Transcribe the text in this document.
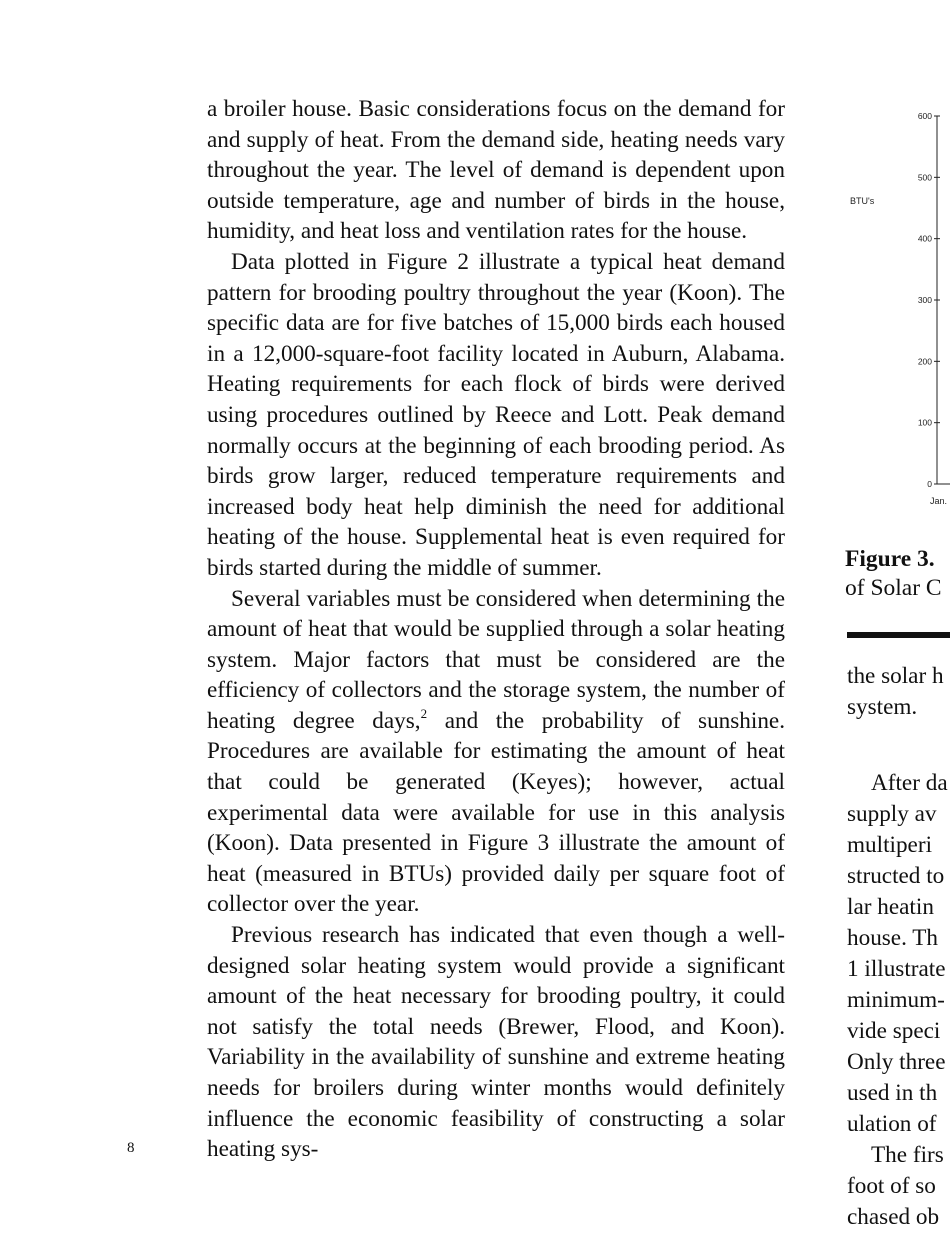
a broiler house. Basic considerations focus on the demand for and supply of heat. From the demand side, heating needs vary throughout the year. The level of demand is dependent upon outside temperature, age and number of birds in the house, humidity, and heat loss and ventilation rates for the house.

Data plotted in Figure 2 illustrate a typical heat demand pattern for brooding poultry throughout the year (Koon). The specific data are for five batches of 15,000 birds each housed in a 12,000-square-foot facility located in Auburn, Alabama. Heating requirements for each flock of birds were derived using procedures outlined by Reece and Lott. Peak demand normally occurs at the beginning of each brooding period. As birds grow larger, reduced temperature requirements and increased body heat help diminish the need for additional heating of the house. Supplemental heat is even required for birds started during the middle of summer.

Several variables must be considered when determining the amount of heat that would be supplied through a solar heating system. Major factors that must be considered are the efficiency of collectors and the storage system, the number of heating degree days,$^2$ and the probability of sunshine. Procedures are available for estimating the amount of heat that could be generated (Keyes); however, actual experimental data were available for use in this analysis (Koon). Data presented in Figure 3 illustrate the amount of heat (measured in BTUs) provided daily per square foot of collector over the year.

Previous research has indicated that even though a well-designed solar heating system would provide a significant amount of the heat necessary for brooding poultry, it could not satisfy the total needs (Brewer, Flood, and Koon). Variability in the availability of sunshine and extreme heating needs for broilers during winter months would definitely influence the economic feasibility of constructing a solar heating sys-

8
BTU's
0
100
200
300
400
500
600
Jan.
Figure 3.
of Solar C
the solar h
system.
After da
supply av
multiperi
structed to
lar heatin
house. Th
1 illustrate
minimum-
vide speci
Only three
used in th
ulation of
The firs
foot of so
chased ob
